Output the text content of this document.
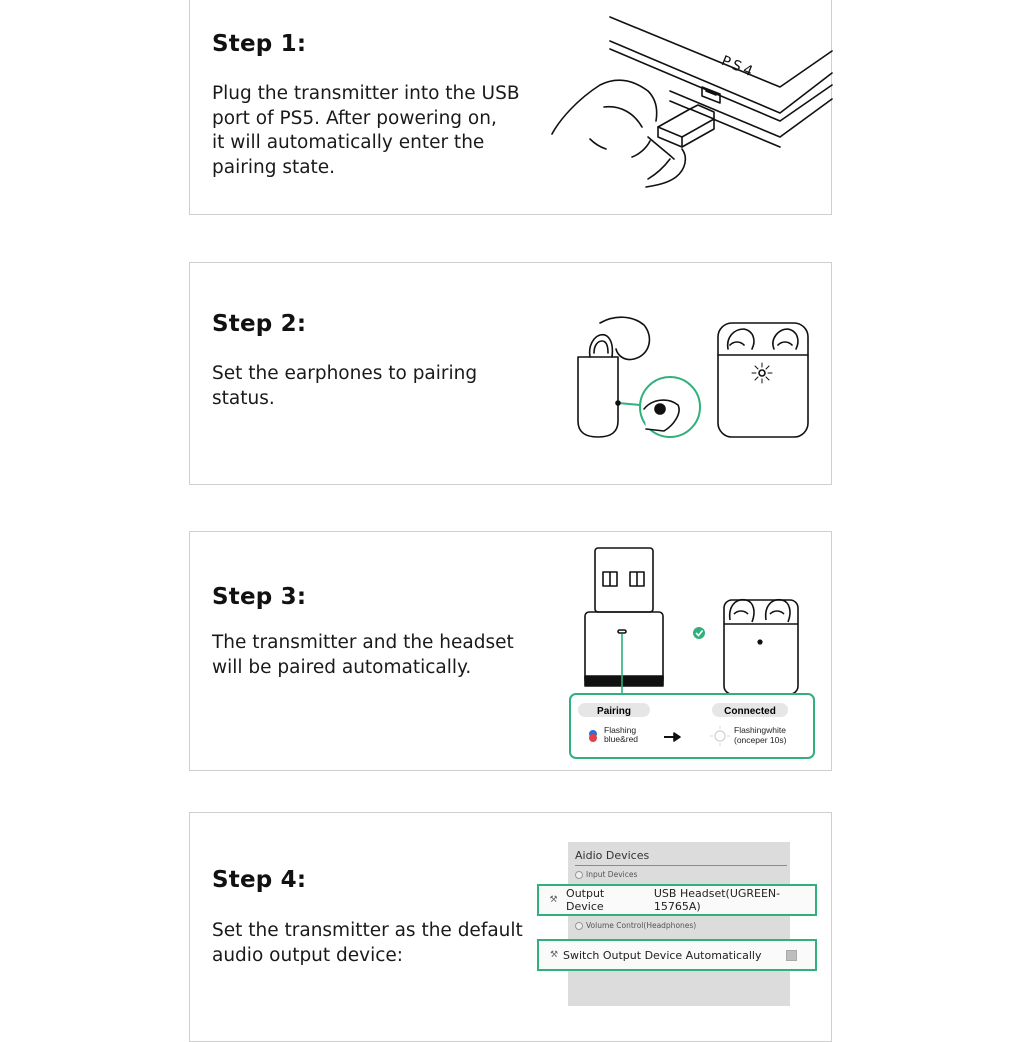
Step 1:
Plug the transmitter into the USB
port of PS5. After powering on,
it will automatically enter the
pairing state.
PS4
Step 2:
Set the earphones to pairing
status.
Step 3:
The transmitter and the headset
will be paired automatically.
Pairing	Connected
Flashing
blue&red
Flashingwhite
(onceper 10s)
Step 4:
Set the transmitter as the default
audio output device:
Aidio Devices
Input Devices
Volume Control(Headphones)
⚒ Output Device
USB Headset(UGREEN-15765A)
⚒ Switch Output Device Automatically
